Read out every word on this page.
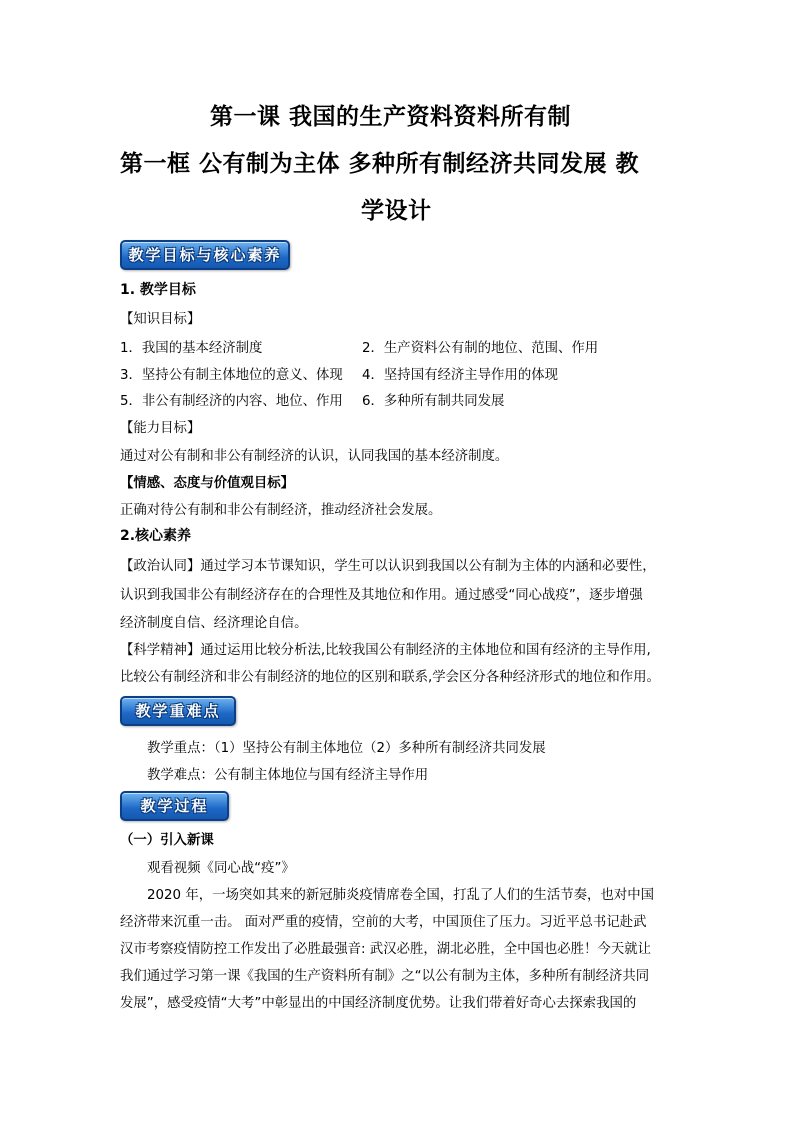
第一课 我国的生产资料资料所有制
第一框 公有制为主体 多种所有制经济共同发展 教
学设计
教学目标与核心素养
1. 教学目标
【知识目标】
1．我国的基本经济制度	2．生产资料公有制的地位、范围、作用
3．坚持公有制主体地位的意义、体现 4．坚持国有经济主导作用的体现
5．非公有制经济的内容、地位、作用 6．多种所有制共同发展
【能力目标】
通过对公有制和非公有制经济的认识，认同我国的基本经济制度。
【情感、态度与价值观目标】
正确对待公有制和非公有制经济，推动经济社会发展。
2.核心素养
【政治认同】通过学习本节课知识，学生可以认识到我国以公有制为主体的内涵和必要性，
认识到我国非公有制经济存在的合理性及其地位和作用。通过感受“同心战疫”，逐步增强
经济制度自信、经济理论自信。
【科学精神】通过运用比较分析法,比较我国公有制经济的主体地位和国有经济的主导作用,
比较公有制经济和非公有制经济的地位的区别和联系,学会区分各种经济形式的地位和作用。
教学重难点
教学重点：（1）坚持公有制主体地位（2）多种所有制经济共同发展
教学难点：公有制主体地位与国有经济主导作用
教学过程
（一）引入新课
观看视频《同心战“疫”》
2020 年，一场突如其来的新冠肺炎疫情席卷全国，打乱了人们的生活节奏，也对中国
经济带来沉重一击。 面对严重的疫情，空前的大考，中国顶住了压力。习近平总书记赴武
汉市考察疫情防控工作发出了必胜最强音: 武汉必胜，湖北必胜，全中国也必胜！今天就让
我们通过学习第一课《我国的生产资料所有制》之“以公有制为主体，多种所有制经济共同
发展”，感受疫情“大考”中彰显出的中国经济制度优势。让我们带着好奇心去探索我国的
